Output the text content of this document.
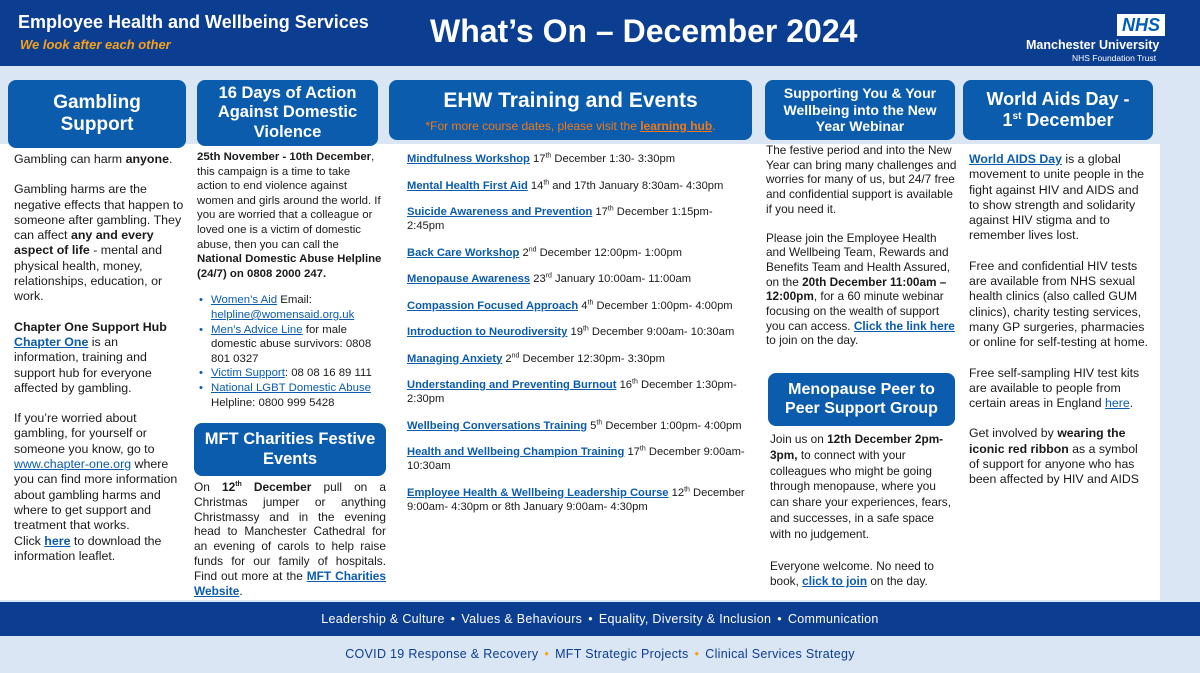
Employee Health and Wellbeing Services
We look after each other	What’s On – December 2024	NHS
Manchester University
NHS Foundation Trust
Gambling
Support

Gambling can harm anyone.

Gambling harms are the negative effects that happen to someone after gambling. They can affect any and every aspect of life - mental and physical health, money, relationships, education, or work.

Chapter One Support Hub
Chapter One is an information, training and support hub for everyone affected by gambling.

If you’re worried about gambling, for yourself or someone you know, go to www.chapter-one.org where you can find more information about gambling harms and where to get support and treatment that works.

Click here to download the information leaflet.

16 Days of Action
Against Domestic
Violence
25th November - 10th December, this campaign is a time to take action to end violence against women and girls around the world. If you are worried that a colleague or loved one is a victim of domestic abuse, then you can call the National Domestic Abuse Helpline (24/7) on 0808 2000 247.
• Women’s Aid Email: helpline@womensaid.org.uk
• Men’s Advice Line for male domestic abuse survivors: 0808 801 0327
• Victim Support: 08 08 16 89 111
• National LGBT Domestic Abuse
Helpline: 0800 999 5428
MFT Charities Festive
Events
On 12th December pull on a Christmas jumper or anything Christmassy and in the evening head to Manchester Cathedral for an evening of carols to help raise funds for our family of hospitals. Find out more at the MFT Charities Website.
EHW Training and Events
*For more course dates, please visit the learning hub.
Mindfulness Workshop 17th December 1:30- 3:30pm
Mental Health First Aid 14th and 17th January 8:30am- 4:30pm
Suicide Awareness and Prevention 17th December 1:15pm- 2:45pm
Back Care Workshop 2nd December 12:00pm- 1:00pm
Menopause Awareness 23rd January 10:00am- 11:00am
Compassion Focused Approach 4th December 1:00pm- 4:00pm
Introduction to Neurodiversity 19th December 9:00am- 10:30am
Managing Anxiety 2nd December 12:30pm- 3:30pm
Understanding and Preventing Burnout 16th December 1:30pm- 2:30pm
Wellbeing Conversations Training 5th December 1:00pm- 4:00pm
Health and Wellbeing Champion Training 17th December 9:00am- 10:30am
Employee Health & Wellbeing Leadership Course 12th December 9:00am- 4:30pm or 8th January 9:00am- 4:30pm
Supporting You & Your
Wellbeing into the New
Year Webinar

The festive period and into the New Year can bring many challenges and worries for many of us, but 24/7 free and confidential support is available if you need it.

Please join the Employee Health and Wellbeing Team, Rewards and Benefits Team and Health Assured, on the 20th December 11:00am – 12:00pm, for a 60 minute webinar focusing on the wealth of support you can access. Click the link here to join on the day.

Menopause Peer to
Peer Support Group

Join us on 12th December 2pm-3pm, to connect with your colleagues who might be going through menopause, where you can share your experiences, fears, and successes, in a safe space with no judgement.

Everyone welcome. No need to book, click to join on the day.

World Aids Day -
1st December

World AIDS Day is a global movement to unite people in the fight against HIV and AIDS and to show strength and solidarity against HIV stigma and to remember lives lost.

Free and confidential HIV tests are available from NHS sexual health clinics (also called GUM clinics), charity testing services, many GP surgeries, pharmacies or online for self-testing at home.

Free self-sampling HIV test kits are available to people from certain areas in England here.

Get involved by wearing the iconic red ribbon as a symbol of support for anyone who has been affected by HIV and AIDS

Leadership & Culture • Values & Behaviours • Equality, Diversity & Inclusion • Communication
COVID 19 Response & Recovery • MFT Strategic Projects • Clinical Services Strategy
